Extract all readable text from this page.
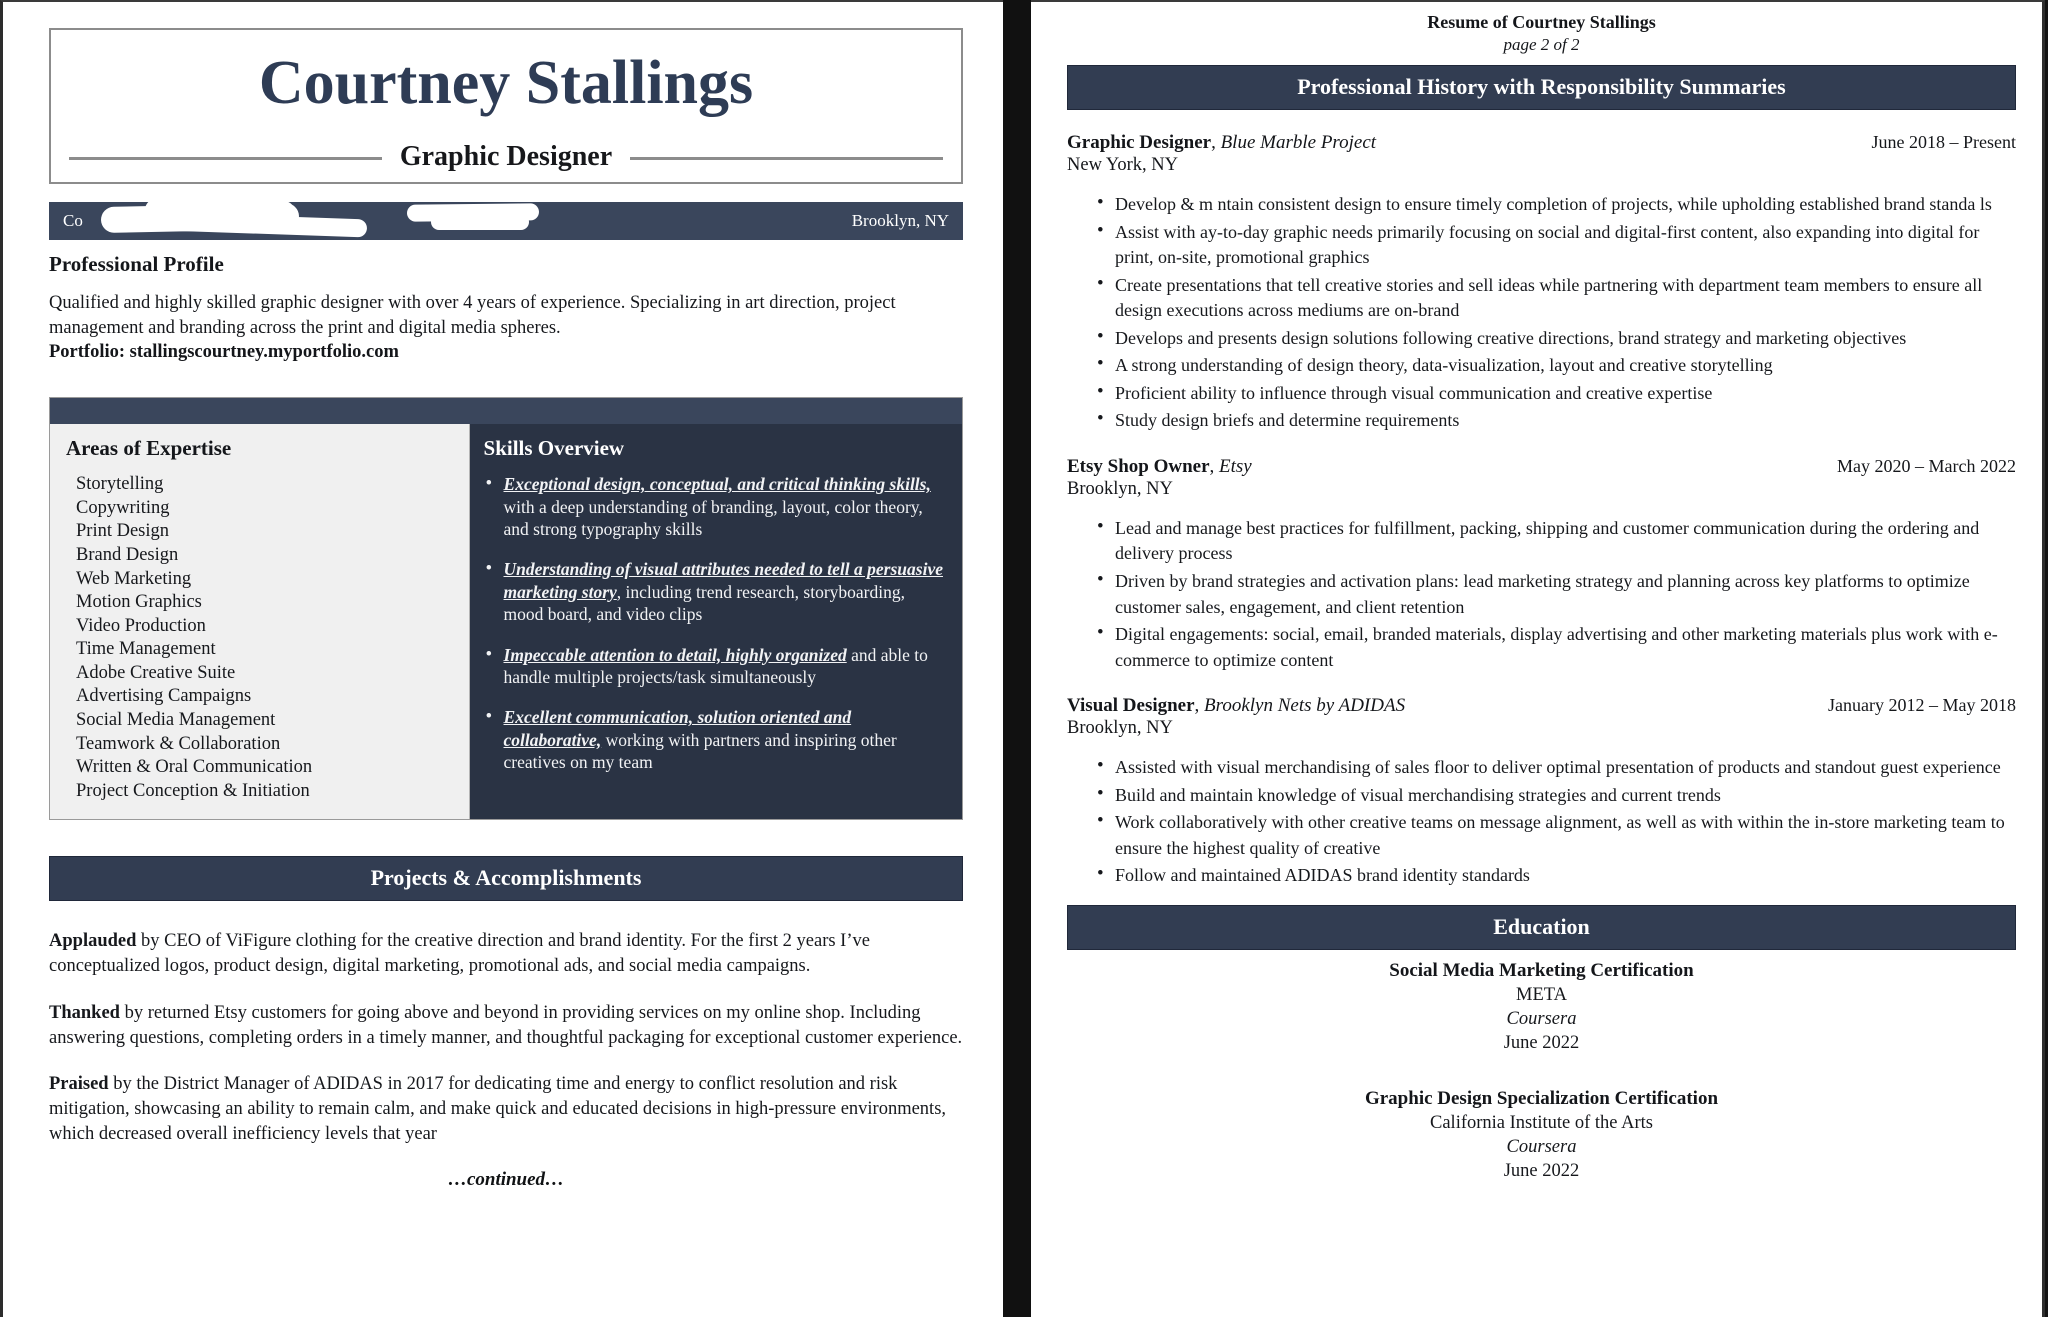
Courtney Stallings
Graphic Designer
Co	Brooklyn, NY
Professional Profile
Qualified and highly skilled graphic designer with over 4 years of experience. Specializing in art direction, project management and branding across the print and digital media spheres.
Portfolio: stallingscourtney.myportfolio.com
Areas of Expertise
Storytelling
Copywriting
Print Design
Brand Design
Web Marketing
Motion Graphics
Video Production
Time Management
Adobe Creative Suite
Advertising Campaigns
Social Media Management
Teamwork & Collaboration
Written & Oral Communication
Project Conception & Initiation
Skills Overview
• Exceptional design, conceptual, and critical thinking skills, with a deep understanding of branding, layout, color theory, and strong typography skills
• Understanding of visual attributes needed to tell a persuasive marketing story, including trend research, storyboarding, mood board, and video clips
• Impeccable attention to detail, highly organized and able to handle multiple projects/task simultaneously
• Excellent communication, solution oriented and collaborative, working with partners and inspiring other creatives on my team
Projects & Accomplishments

Applauded by CEO of ViFigure clothing for the creative direction and brand identity. For the first 2 years I’ve conceptualized logos, product design, digital marketing, promotional ads, and social media campaigns.

Thanked by returned Etsy customers for going above and beyond in providing services on my online shop. Including answering questions, completing orders in a timely manner, and thoughtful packaging for exceptional customer experience.

Praised by the District Manager of ADIDAS in 2017 for dedicating time and energy to conflict resolution and risk mitigation, showcasing an ability to remain calm, and make quick and educated decisions in high-pressure environments, which decreased overall inefficiency levels that year

…continued…
Resume of Courtney Stallings
page 2 of 2
Professional History with Responsibility Summaries
Graphic Designer, Blue Marble Project	June 2018 – Present
New York, NY
• Develop & m ntain consistent design to ensure timely completion of projects, while upholding established brand standa ls
• Assist with ay-to-day graphic needs primarily focusing on social and digital-first content, also expanding into digital for print, on-site, promotional graphics
• Create presentations that tell creative stories and sell ideas while partnering with department team members to ensure all design executions across mediums are on-brand
• Develops and presents design solutions following creative directions, brand strategy and marketing objectives
• A strong understanding of design theory, data-visualization, layout and creative storytelling
• Proficient ability to influence through visual communication and creative expertise
• Study design briefs and determine requirements
Etsy Shop Owner, Etsy	May 2020 – March 2022
Brooklyn, NY
• Lead and manage best practices for fulfillment, packing, shipping and customer communication during the ordering and delivery process
• Driven by brand strategies and activation plans: lead marketing strategy and planning across key platforms to optimize customer sales, engagement, and client retention
• Digital engagements: social, email, branded materials, display advertising and other marketing materials plus work with e-commerce to optimize content
Visual Designer, Brooklyn Nets by ADIDAS	January 2012 – May 2018
Brooklyn, NY
• Assisted with visual merchandising of sales floor to deliver optimal presentation of products and standout guest experience
• Build and maintain knowledge of visual merchandising strategies and current trends
• Work collaboratively with other creative teams on message alignment, as well as with within the in-store marketing team to ensure the highest quality of creative
• Follow and maintained ADIDAS brand identity standards
Education
Social Media Marketing Certification
META
Coursera
June 2022
Graphic Design Specialization Certification
California Institute of the Arts
Coursera
June 2022
